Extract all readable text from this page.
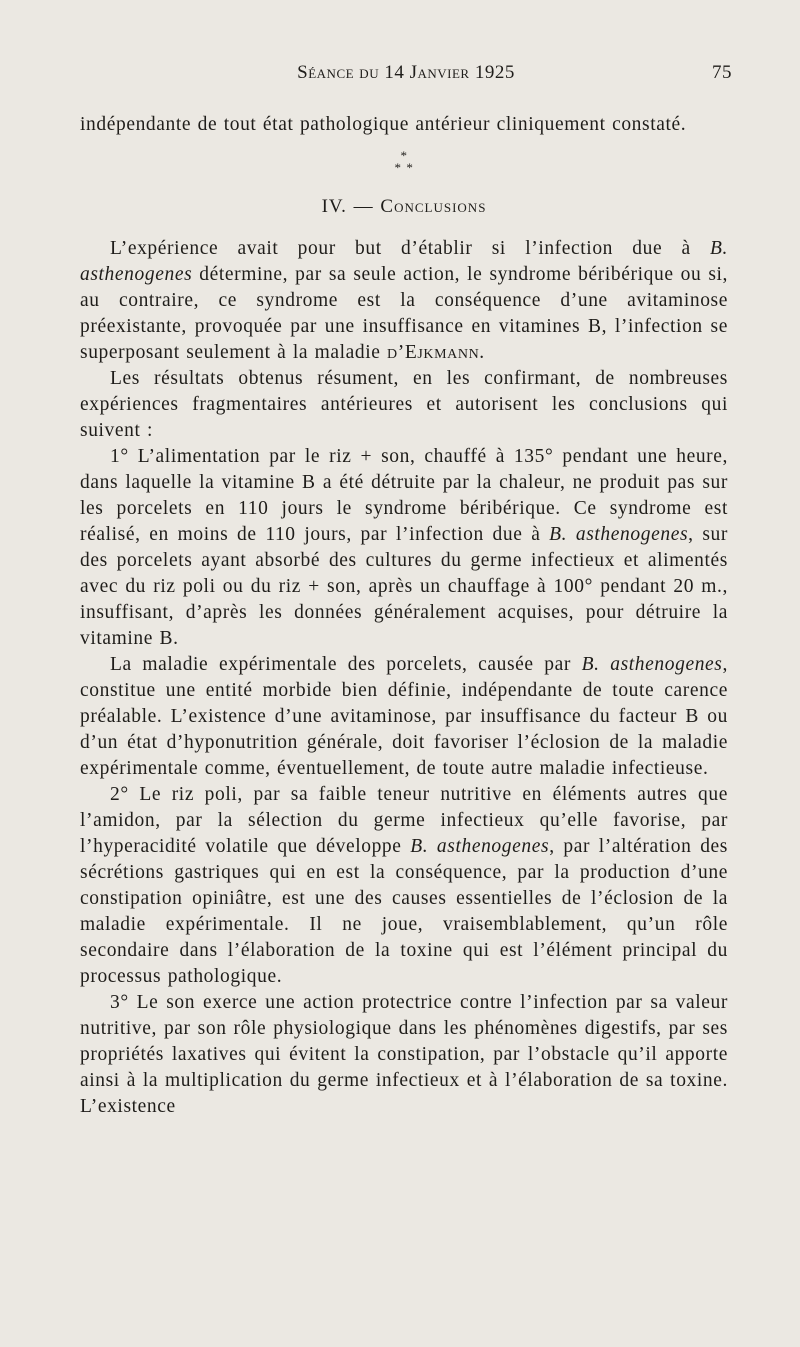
Séance du 14 Janvier 1925	75

indépendante de tout état pathologique antérieur cliniquement constaté.

*
* *
IV. — Conclusions

L’expérience avait pour but d’établir si l’infection due à B. asthenogenes détermine, par sa seule action, le syndrome béribérique ou si, au contraire, ce syndrome est la conséquence d’une avitaminose préexistante, provoquée par une insuffisance en vitamines B, l’infection se superposant seulement à la maladie d’Ejkmann.

Les résultats obtenus résument, en les confirmant, de nombreuses expériences fragmentaires antérieures et autorisent les conclusions qui suivent :

1° L’alimentation par le riz + son, chauffé à 135° pendant une heure, dans laquelle la vitamine B a été détruite par la chaleur, ne produit pas sur les porcelets en 110 jours le syndrome béribérique. Ce syndrome est réalisé, en moins de 110 jours, par l’infection due à B. asthenogenes, sur des porcelets ayant absorbé des cultures du germe infectieux et alimentés avec du riz poli ou du riz + son, après un chauffage à 100° pendant 20 m., insuffisant, d’après les données généralement acquises, pour détruire la vitamine B.

La maladie expérimentale des porcelets, causée par B. asthenogenes, constitue une entité morbide bien définie, indépendante de toute carence préalable. L’existence d’une avitaminose, par insuffisance du facteur B ou d’un état d’hyponutrition générale, doit favoriser l’éclosion de la maladie expérimentale comme, éventuellement, de toute autre maladie infectieuse.

2° Le riz poli, par sa faible teneur nutritive en éléments autres que l’amidon, par la sélection du germe infectieux qu’elle favorise, par l’hyperacidité volatile que développe B. asthenogenes, par l’altération des sécrétions gastriques qui en est la conséquence, par la production d’une constipation opiniâtre, est une des causes essentielles de l’éclosion de la maladie expérimentale. Il ne joue, vraisemblablement, qu’un rôle secondaire dans l’élaboration de la toxine qui est l’élément principal du processus pathologique.

3° Le son exerce une action protectrice contre l’infection par sa valeur nutritive, par son rôle physiologique dans les phénomènes digestifs, par ses propriétés laxatives qui évitent la constipation, par l’obstacle qu’il apporte ainsi à la multiplication du germe infectieux et à l’élaboration de sa toxine. L’existence
